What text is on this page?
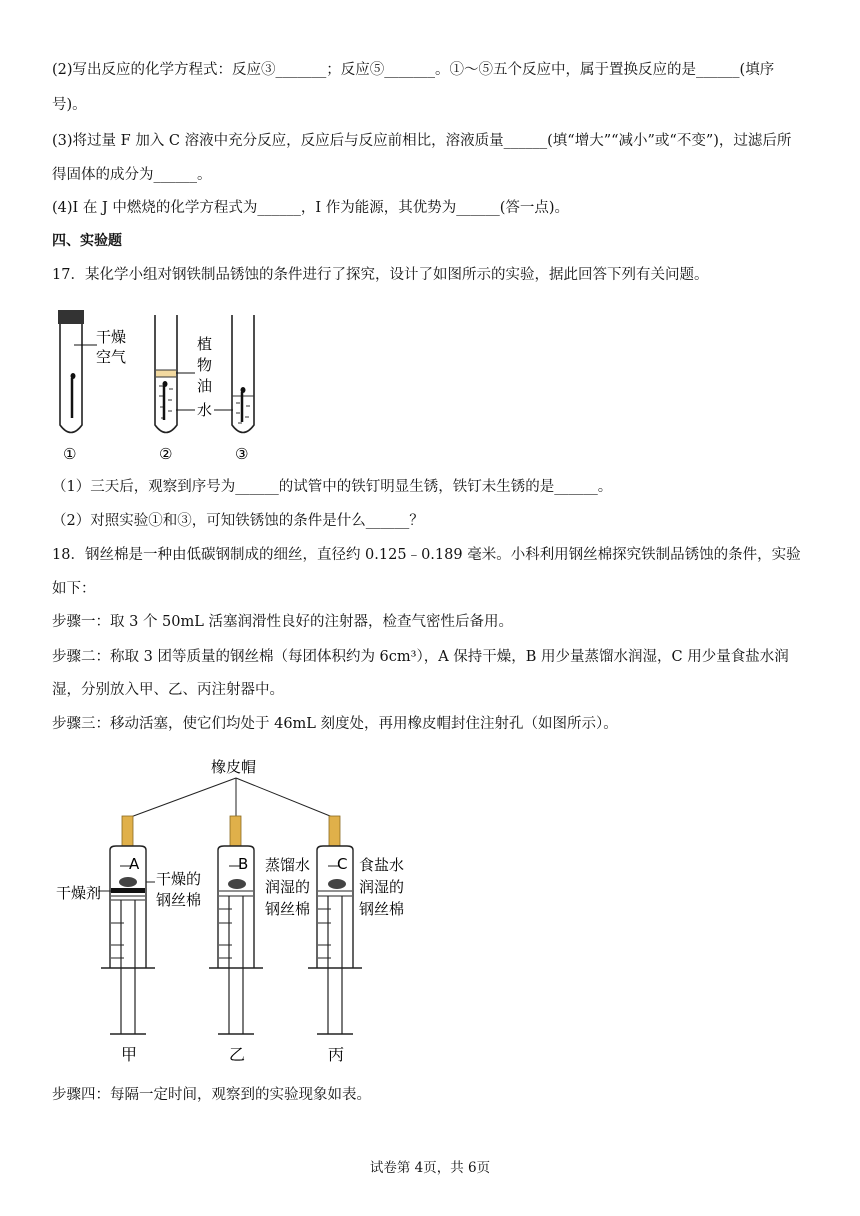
(2)写出反应的化学方程式：反应③_______；反应⑤_______。①～⑤五个反应中，属于置换反应的是______(填序
号)。
(3)将过量 F 加入 C 溶液中充分反应，反应后与反应前相比，溶液质量______(填“增大”“减小”或“不变”)，过滤后所
得固体的成分为______。
(4)I 在 J 中燃烧的化学方程式为______，I 作为能源，其优势为______(答一点)。
四、实验题
17．某化学小组对钢铁制品锈蚀的条件进行了探究，设计了如图所示的实验，据此回答下列有关问题。
干燥
空气
①
植
物
油
水
②	③
（1）三天后，观察到序号为______的试管中的铁钉明显生锈，铁钉未生锈的是______。
（2）对照实验①和③，可知铁锈蚀的条件是什么______？
18．钢丝棉是一种由低碳钢制成的细丝，直径约 0.125﹣0.189 毫米。小科利用钢丝棉探究铁制品锈蚀的条件，实验
如下：
步骤一：取 3 个 50mL 活塞润滑性良好的注射器，检查气密性后备用。
步骤二：称取 3 团等质量的钢丝棉（每团体积约为 6cm³），A 保持干燥，B 用少量蒸馏水润湿，C 用少量食盐水润
湿，分别放入甲、乙、丙注射器中。
步骤三：移动活塞，使它们均处于 46mL 刻度处，再用橡皮帽封住注射孔（如图所示）。
橡皮帽
A
干燥剂
干燥的
钢丝棉
甲
B 蒸馏水
润湿的
钢丝棉
乙
C 食盐水
润湿的
钢丝棉
丙
步骤四：每隔一定时间，观察到的实验现象如表。
试卷第 4页，共 6页
